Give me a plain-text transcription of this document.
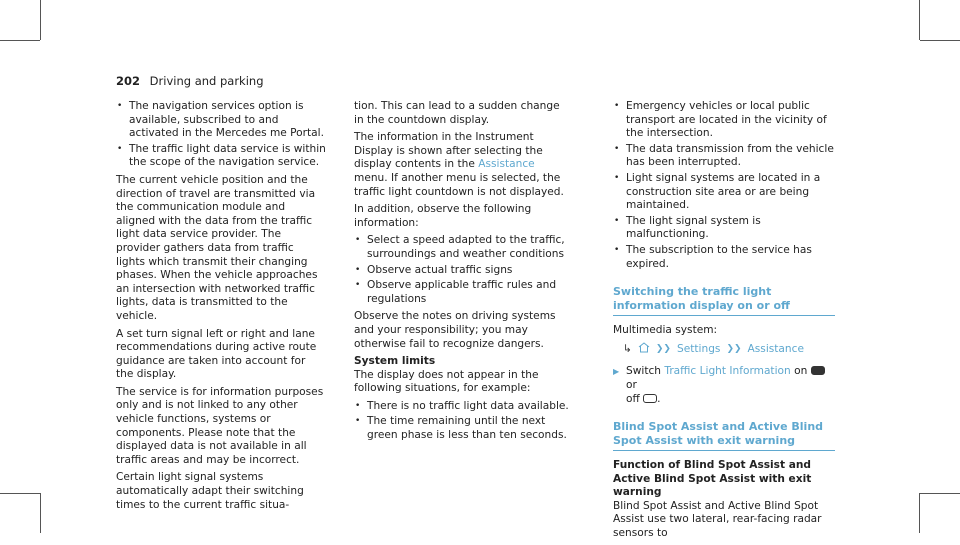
202 Driving and parking
• The navigation services option is available, subscribed to and activated in the Mercedes me Portal.
• The traffic light data service is within the scope of the navigation service.
The current vehicle position and the direction of travel are transmitted via the communication module and aligned with the data from the traffic light data service provider. The provider gathers data from traffic lights which transmit their changing phases. When the vehicle approaches an intersection with networked traffic lights, data is transmitted to the vehicle.
A set turn signal left or right and lane recommendations during active route guidance are taken into account for the display.
The service is for information purposes only and is not linked to any other vehicle functions, systems or components. Please note that the displayed data is not available in all traffic areas and may be incorrect.
Certain light signal systems automatically adapt their switching times to the current traffic situa-
tion. This can lead to a sudden change in the countdown display.
The information in the Instrument Display is shown after selecting the display contents in the Assistance menu. If another menu is selected, the traffic light countdown is not displayed.
In addition, observe the following information:
• Select a speed adapted to the traffic, surroundings and weather conditions
• Observe actual traffic signs
• Observe applicable traffic rules and regulations
Observe the notes on driving systems and your responsibility; you may otherwise fail to recognize dangers.
System limits
The display does not appear in the following situations, for example:
• There is no traffic light data available.
• The time remaining until the next green phase is less than ten seconds.
• Emergency vehicles or local public transport are located in the vicinity of the intersection.
• The data transmission from the vehicle has been interrupted.
• Light signal systems are located in a construction site area or are being maintained.
• The light signal system is malfunctioning.
• The subscription to the service has expired.
Switching the traffic light information display on or off
Multimedia system:
↳	❯❯ Settings ❯❯ Assistance
▶ Switch Traffic Light Information on  or
off .
Blind Spot Assist and Active Blind Spot Assist with exit warning
Function of Blind Spot Assist and Active Blind Spot Assist with exit warning
Blind Spot Assist and Active Blind Spot Assist use two lateral, rear-facing radar sensors to
